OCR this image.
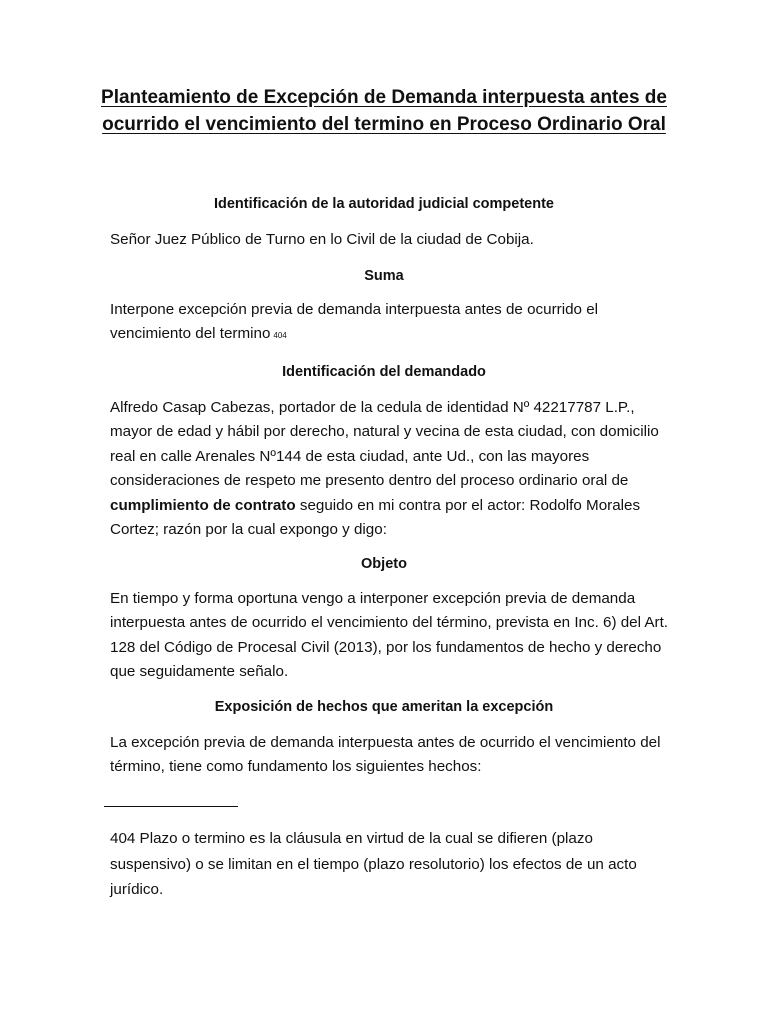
Planteamiento de Excepción de Demanda interpuesta antes de ocurrido el vencimiento del termino en Proceso Ordinario Oral
Identificación de la autoridad judicial competente

Señor Juez Público de Turno en lo Civil de la ciudad de Cobija.

Suma

Interpone excepción previa de demanda interpuesta antes de ocurrido el vencimiento del termino 404

Identificación del demandado

Alfredo Casap Cabezas, portador de la cedula de identidad Nº 42217787 L.P., mayor de edad y hábil por derecho, natural y vecina de esta ciudad, con domicilio real en calle Arenales Nº144 de esta ciudad, ante Ud., con las mayores consideraciones de respeto me presento dentro del proceso ordinario oral de cumplimiento de contrato seguido en mi contra por el actor: Rodolfo Morales Cortez; razón por la cual expongo y digo:

Objeto

En tiempo y forma oportuna vengo a interponer excepción previa de demanda interpuesta antes de ocurrido el vencimiento del término, prevista en Inc. 6) del Art. 128 del Código de Procesal Civil (2013), por los fundamentos de hecho y derecho que seguidamente señalo.

Exposición de hechos que ameritan la excepción

La excepción previa de demanda interpuesta antes de ocurrido el vencimiento del término, tiene como fundamento los siguientes hechos:

404 Plazo o termino es la cláusula en virtud de la cual se difieren (plazo suspensivo) o se limitan en el tiempo (plazo resolutorio) los efectos de un acto jurídico.
